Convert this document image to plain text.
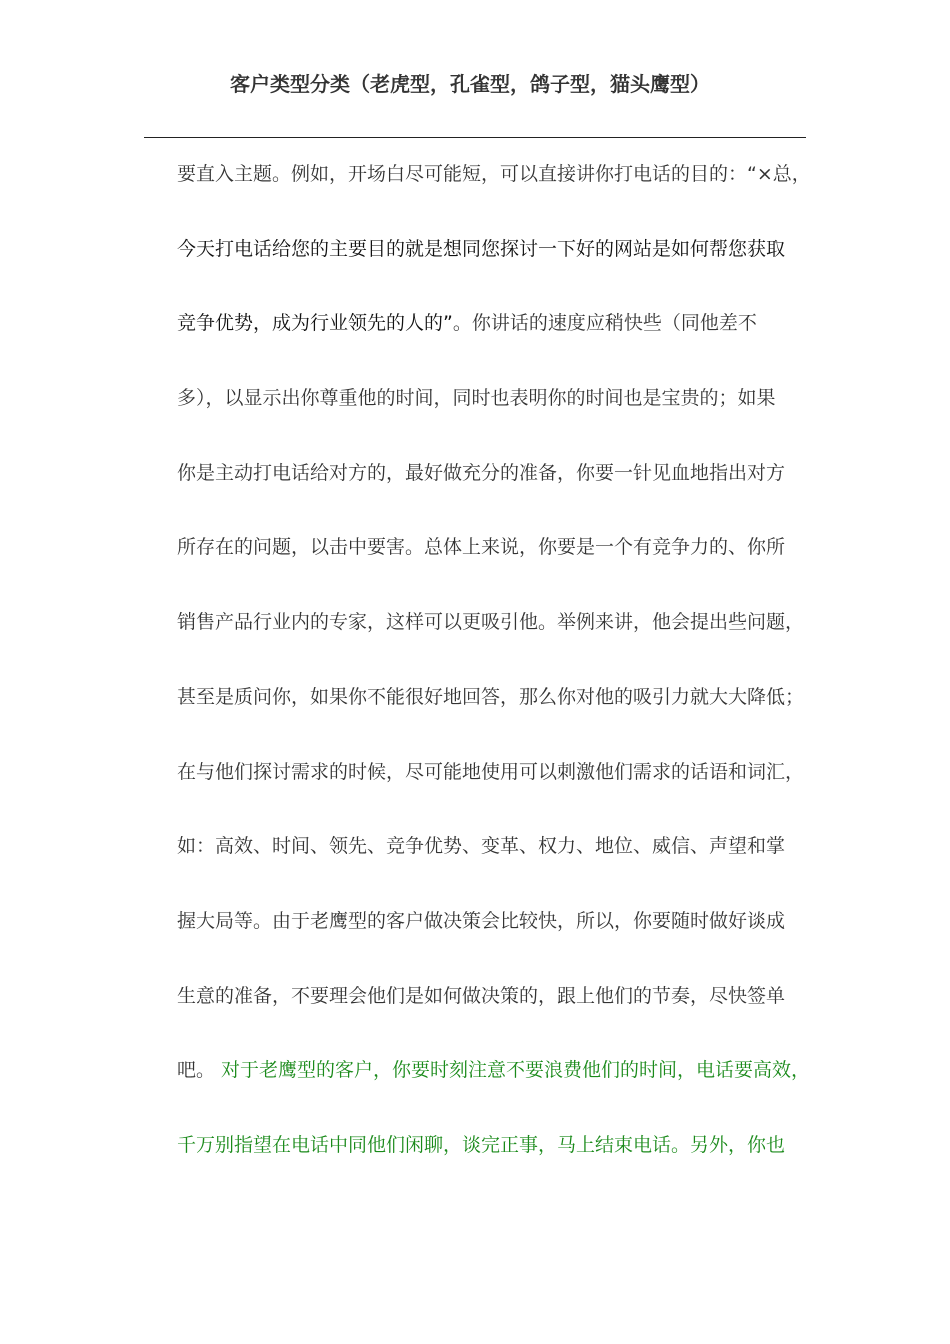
客户类型分类（老虎型，孔雀型，鸽子型，猫头鹰型）
要直入主题。例如，开场白尽可能短，可以直接讲你打电话的目的：“×总，
今天打电话给您的主要目的就是想同您探讨一下好的网站是如何帮您获取
竞争优势，成为行业领先的人的”。你讲话的速度应稍快些（同他差不
多），以显示出你尊重他的时间，同时也表明你的时间也是宝贵的；如果
你是主动打电话给对方的，最好做充分的准备，你要一针见血地指出对方
所存在的问题，以击中要害。总体上来说，你要是一个有竞争力的、你所
销售产品行业内的专家，这样可以更吸引他。举例来讲，他会提出些问题，
甚至是质问你，如果你不能很好地回答，那么你对他的吸引力就大大降低；
在与他们探讨需求的时候，尽可能地使用可以刺激他们需求的话语和词汇，
如：高效、时间、领先、竞争优势、变革、权力、地位、威信、声望和掌
握大局等。由于老鹰型的客户做决策会比较快，所以，你要随时做好谈成
生意的准备，不要理会他们是如何做决策的，跟上他们的节奏，尽快签单
吧。 对于老鹰型的客户，你要时刻注意不要浪费他们的时间，电话要高效，
千万别指望在电话中同他们闲聊，谈完正事，马上结束电话。另外，你也
